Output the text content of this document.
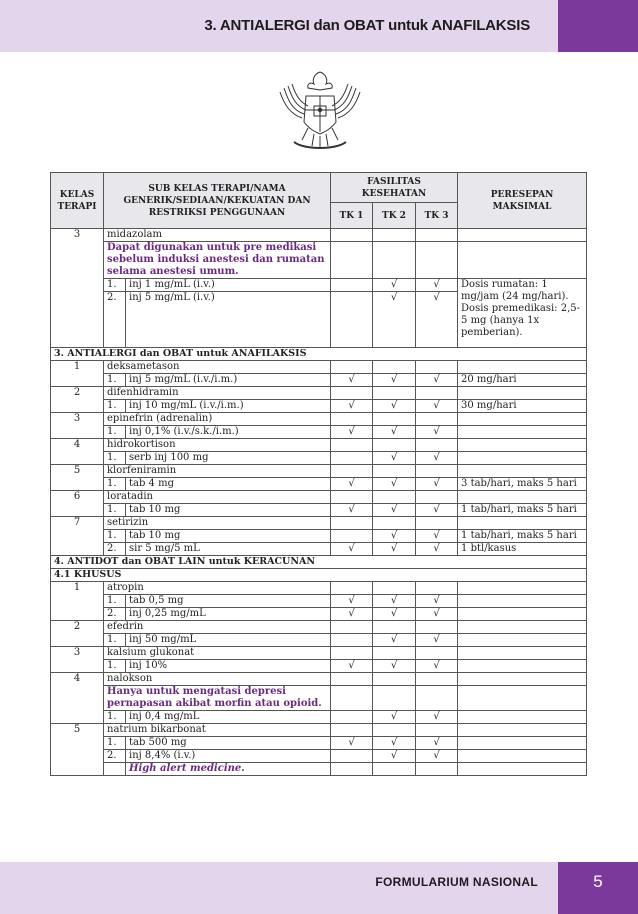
3. ANTIALERGI dan OBAT untuk ANAFILAKSIS
KELAS TERAPI	SUB KELAS TERAPI/NAMA GENERIK/SEDIAAN/KEKUATAN DAN RESTRIKSI PENGGUNAAN		FASILITAS KESEHATAN			PERESEPAN MAKSIMAL
			TK 1	TK 2	TK 3	
3	midazolam					
	Dapat digunakan untuk pre medikasi sebelum induksi anestesi dan rumatan selama anestesi umum.					
	1.	inj 1 mg/mL (i.v.)		√	√	Dosis rumatan: 1 mg/jam (24 mg/hari). Dosis premedikasi: 2,5-5 mg (hanya 1x pemberian).
	2.	inj 5 mg/mL (i.v.)		√	√	
3. ANTIALERGI dan OBAT untuk ANAFILAKSIS						
1	deksametason					
	1.	inj 5 mg/mL (i.v./i.m.)	√	√	√	20 mg/hari
2	difenhidramin					
	1.	inj 10 mg/mL (i.v./i.m.)	√	√	√	30 mg/hari
3	epinefrin (adrenalin)					
	1.	inj 0,1% (i.v./s.k./i.m.)	√	√	√	
4	hidrokortison					
	1.	serb inj 100 mg		√	√	
5	klorfeniramin					
	1.	tab 4 mg	√	√	√	3 tab/hari, maks 5 hari
6	loratadin					
	1.	tab 10 mg	√	√	√	1 tab/hari, maks 5 hari
7	setirizin					
	1.	tab 10 mg		√	√	1 tab/hari, maks 5 hari
	2.	sir 5 mg/5 mL	√	√	√	1 btl/kasus
4. ANTIDOT dan OBAT LAIN untuk KERACUNAN						
4.1 KHUSUS						
1	atropin					
	1.	tab 0,5 mg	√	√	√	
	2.	inj 0,25 mg/mL	√	√	√	
2	efedrin					
	1.	inj 50 mg/mL		√	√	
3	kalsium glukonat					
	1.	inj 10%	√	√	√	
4	nalokson					
	Hanya untuk mengatasi depresi pernapasan akibat morfin atau opioid.					
	1.	inj 0,4 mg/mL		√	√	
5	natrium bikarbonat					
	1.	tab 500 mg	√	√	√	
	2.	inj 8,4% (i.v.)		√	√	
		High alert medicine.				
FORMULARIUM NASIONAL	5
